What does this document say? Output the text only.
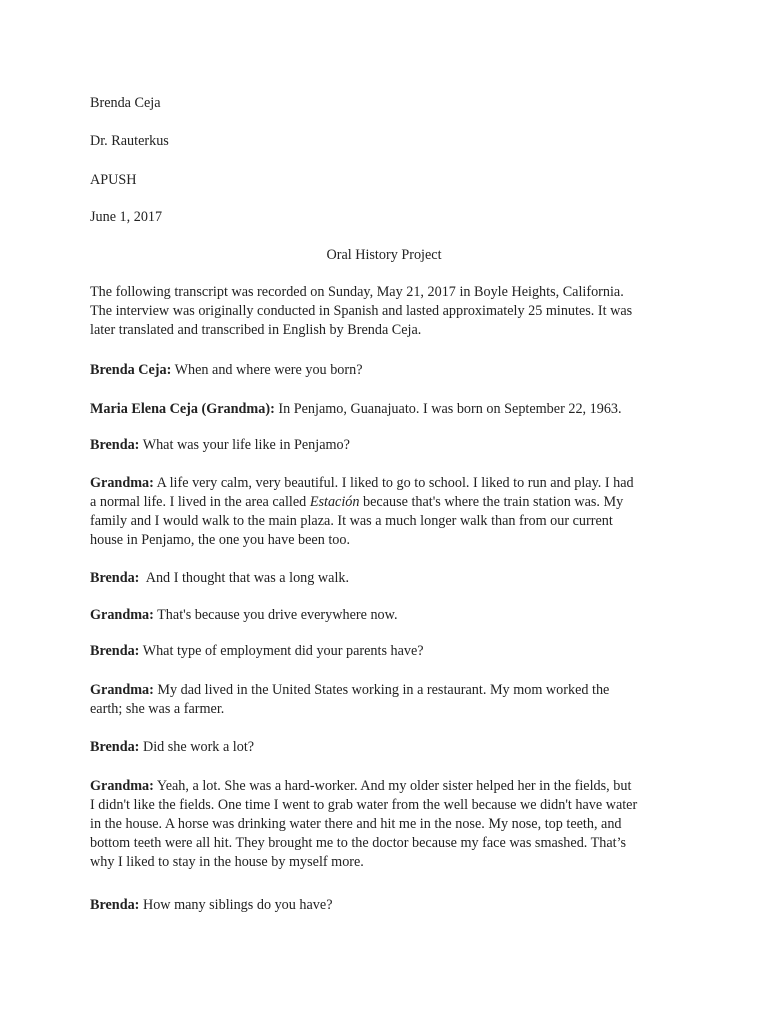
Brenda Ceja
Dr. Rauterkus
APUSH
June 1, 2017
Oral History Project
The following transcript was recorded on Sunday, May 21, 2017 in Boyle Heights, California.
The interview was originally conducted in Spanish and lasted approximately 25 minutes. It was
later translated and transcribed in English by Brenda Ceja.
Brenda Ceja: When and where were you born?
Maria Elena Ceja (Grandma): In Penjamo, Guanajuato. I was born on September 22, 1963.
Brenda: What was your life like in Penjamo?
Grandma: A life very calm, very beautiful. I liked to go to school. I liked to run and play. I had
a normal life. I lived in the area called Estación because that's where the train station was. My
family and I would walk to the main plaza. It was a much longer walk than from our current
house in Penjamo, the one you have been too.
Brenda:  And I thought that was a long walk.
Grandma: That's because you drive everywhere now.
Brenda: What type of employment did your parents have?
Grandma: My dad lived in the United States working in a restaurant. My mom worked the
earth; she was a farmer.
Brenda: Did she work a lot?
Grandma: Yeah, a lot. She was a hard-worker. And my older sister helped her in the fields, but
I didn't like the fields. One time I went to grab water from the well because we didn't have water
in the house. A horse was drinking water there and hit me in the nose. My nose, top teeth, and
bottom teeth were all hit. They brought me to the doctor because my face was smashed. That’s
why I liked to stay in the house by myself more.
Brenda: How many siblings do you have?
